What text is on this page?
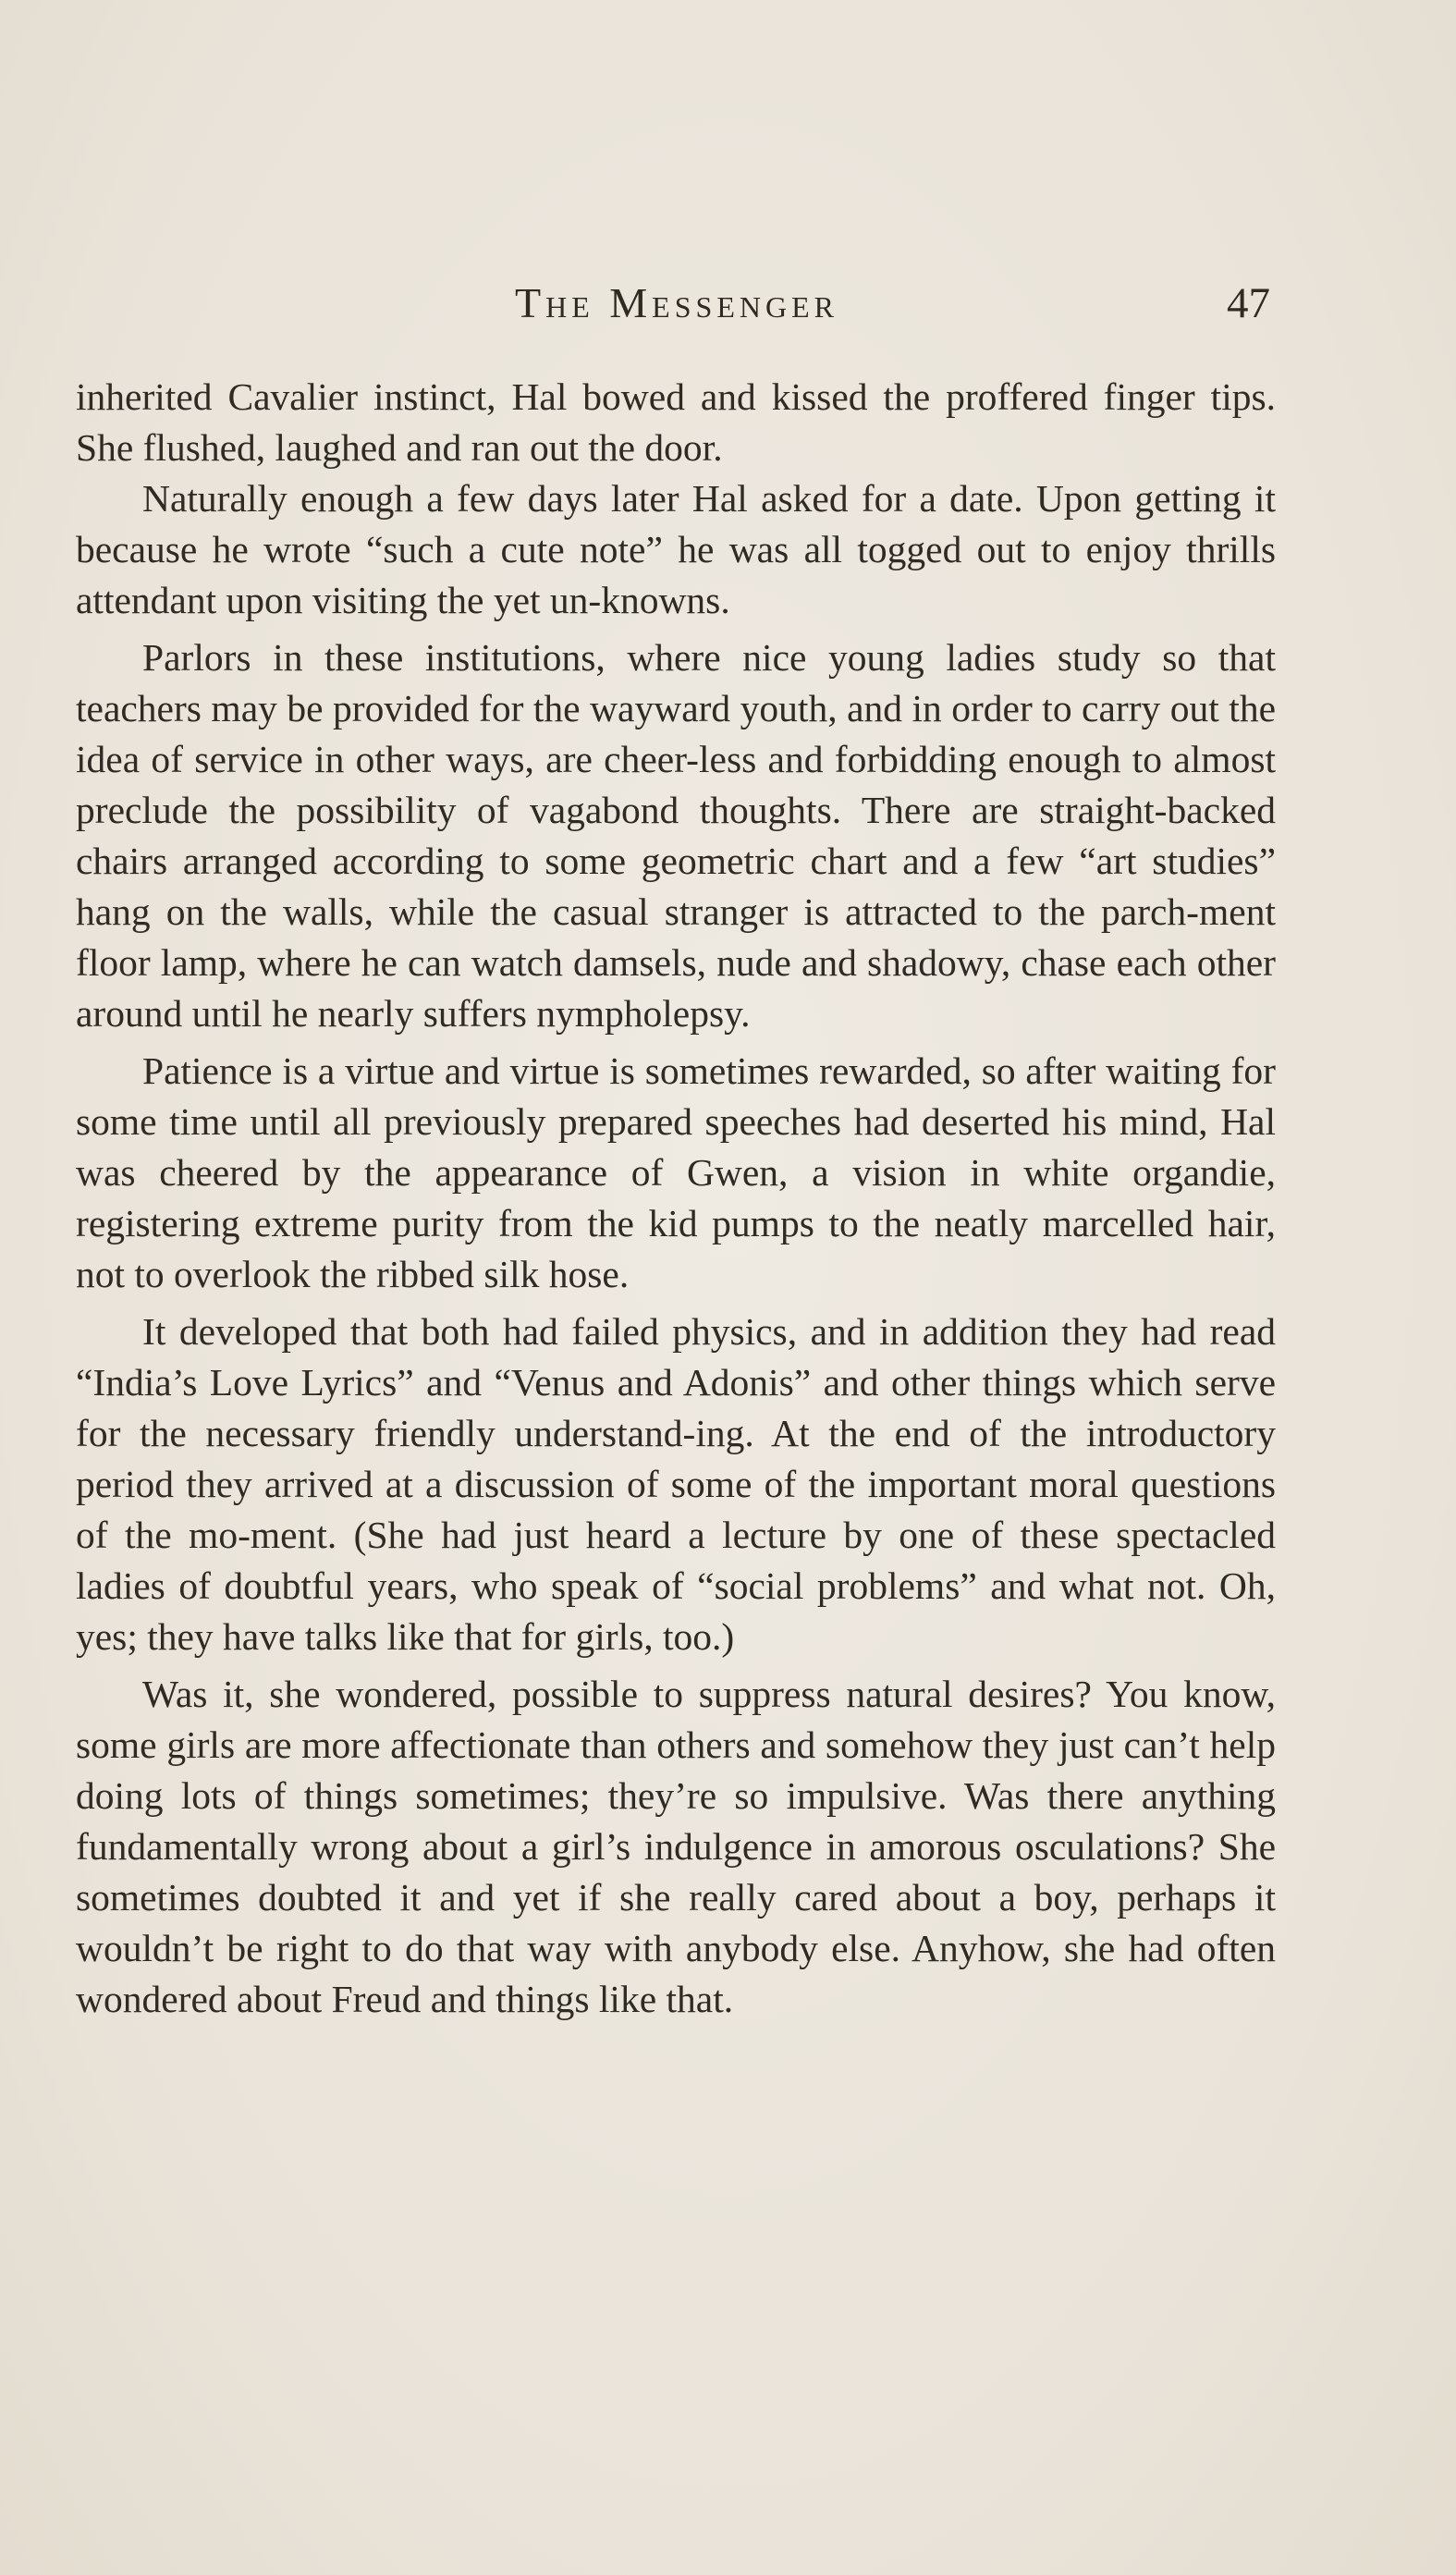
The Messenger	47

inherited Cavalier instinct, Hal bowed and kissed the proffered finger tips. She flushed, laughed and ran out the door.

Naturally enough a few days later Hal asked for a date. Upon getting it because he wrote “such a cute note” he was all togged out to enjoy thrills attendant upon visiting the yet un-knowns.

Parlors in these institutions, where nice young ladies study so that teachers may be provided for the wayward youth, and in order to carry out the idea of service in other ways, are cheer-less and forbidding enough to almost preclude the possibility of vagabond thoughts. There are straight-backed chairs arranged according to some geometric chart and a few “art studies” hang on the walls, while the casual stranger is attracted to the parch-ment floor lamp, where he can watch damsels, nude and shadowy, chase each other around until he nearly suffers nympholepsy.

Patience is a virtue and virtue is sometimes rewarded, so after waiting for some time until all previously prepared speeches had deserted his mind, Hal was cheered by the appearance of Gwen, a vision in white organdie, registering extreme purity from the kid pumps to the neatly marcelled hair, not to overlook the ribbed silk hose.

It developed that both had failed physics, and in addition they had read “India’s Love Lyrics” and “Venus and Adonis” and other things which serve for the necessary friendly understand-ing. At the end of the introductory period they arrived at a discussion of some of the important moral questions of the mo-ment. (She had just heard a lecture by one of these spectacled ladies of doubtful years, who speak of “social problems” and what not. Oh, yes; they have talks like that for girls, too.)

Was it, she wondered, possible to suppress natural desires? You know, some girls are more affectionate than others and somehow they just can’t help doing lots of things sometimes; they’re so impulsive. Was there anything fundamentally wrong about a girl’s indulgence in amorous osculations? She sometimes doubted it and yet if she really cared about a boy, perhaps it wouldn’t be right to do that way with anybody else. Anyhow, she had often wondered about Freud and things like that.
